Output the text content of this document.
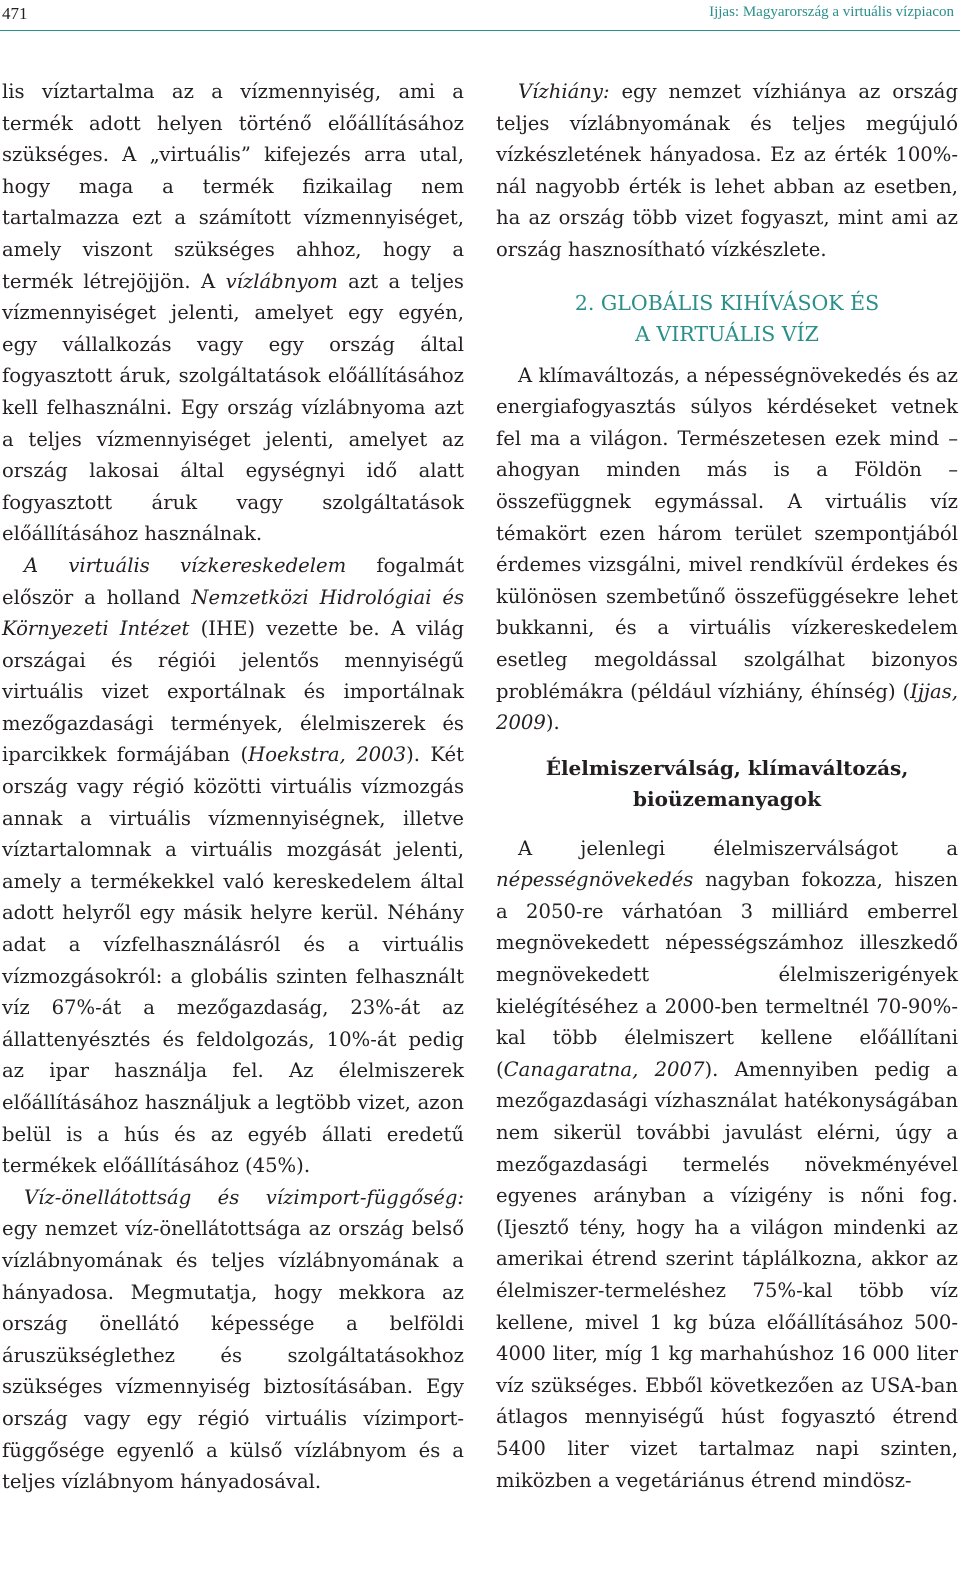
471	Ijjas: Magyarország a virtuális vízpiacon

lis víztartalma az a vízmennyiség, ami a termék adott helyen történő előállításához szükséges. A „virtuális” kifejezés arra utal, hogy maga a termék fizikailag nem tartalmazza ezt a számított vízmennyiséget, amely viszont szükséges ahhoz, hogy a termék létrejöjjön. A vízlábnyom azt a teljes vízmennyiséget jelenti, amelyet egy egyén, egy vállalkozás vagy egy ország által fogyasztott áruk, szolgáltatások előállításához kell felhasználni. Egy ország vízlábnyoma azt a teljes vízmennyiséget jelenti, amelyet az ország lakosai által egységnyi idő alatt fogyasztott áruk vagy szolgáltatások előállításához használnak.

A virtuális vízkereskedelem fogalmát először a holland Nemzetközi Hidrológiai és Környezeti Intézet (IHE) vezette be. A világ országai és régiói jelentős mennyiségű virtuális vizet exportálnak és importálnak mezőgazdasági termények, élelmiszerek és iparcikkek formájában (Hoekstra, 2003). Két ország vagy régió közötti virtuális vízmozgás annak a virtuális vízmennyiségnek, illetve víztartalomnak a virtuális mozgását jelenti, amely a termékekkel való kereskedelem által adott helyről egy másik helyre kerül. Néhány adat a vízfelhasználásról és a virtuális vízmozgásokról: a globális szinten felhasznált víz 67%-át a mezőgazdaság, 23%-át az állattenyésztés és feldolgozás, 10%-át pedig az ipar használja fel. Az élelmiszerek előállításához használjuk a legtöbb vizet, azon belül is a hús és az egyéb állati eredetű termékek előállításához (45%).

Víz-önellátottság és vízimport-függőség: egy nemzet víz-önellátottsága az ország belső vízlábnyomának és teljes vízlábnyomának a hányadosa. Megmutatja, hogy mekkora az ország önellátó képessége a belföldi áruszükséglethez és szolgáltatásokhoz szükséges vízmennyiség biztosításában. Egy ország vagy egy régió virtuális vízimport-függősége egyenlő a külső vízlábnyom és a teljes vízlábnyom hányadosával.

Vízhiány: egy nemzet vízhiánya az ország teljes vízlábnyomának és teljes megújuló vízkészletének hányadosa. Ez az érték 100%-nál nagyobb érték is lehet abban az esetben, ha az ország több vizet fogyaszt, mint ami az ország hasznosítható vízkészlete.

2. GLOBÁLIS KIHÍVÁSOK ÉS
A VIRTUÁLIS VÍZ

A klímaváltozás, a népességnövekedés és az energiafogyasztás súlyos kérdéseket vetnek fel ma a világon. Természetesen ezek mind – ahogyan minden más is a Földön – összefüggnek egymással. A virtuális víz témakört ezen három terület szempontjából érdemes vizsgálni, mivel rendkívül érdekes és különösen szembetűnő összefüggésekre lehet bukkanni, és a virtuális vízkereskedelem esetleg megoldással szolgálhat bizonyos problémákra (például vízhiány, éhínség) (Ijjas, 2009).

Élelmiszerválság, klímaváltozás,
bioüzemanyagok

A jelenlegi élelmiszerválságot a népességnövekedés nagyban fokozza, hiszen a 2050-re várhatóan 3 milliárd emberrel megnövekedett népességszámhoz illeszkedő megnövekedett élelmiszerigények kielégítéséhez a 2000-ben termeltnél 70-90%-kal több élelmiszert kellene előállítani (Canagaratna, 2007). Amennyiben pedig a mezőgazdasági vízhasználat hatékonyságában nem sikerül további javulást elérni, úgy a mezőgazdasági termelés növekményével egyenes arányban a vízigény is nőni fog. (Ijesztő tény, hogy ha a világon mindenki az amerikai étrend szerint táplálkozna, akkor az élelmiszer-termeléshez 75%-kal több víz kellene, mivel 1 kg búza előállításához 500-4000 liter, míg 1 kg marhahúshoz 16 000 liter víz szükséges. Ebből következően az USA-ban átlagos mennyiségű húst fogyasztó étrend 5400 liter vizet tartalmaz napi szinten, miközben a vegetáriánus étrend mindösz-
